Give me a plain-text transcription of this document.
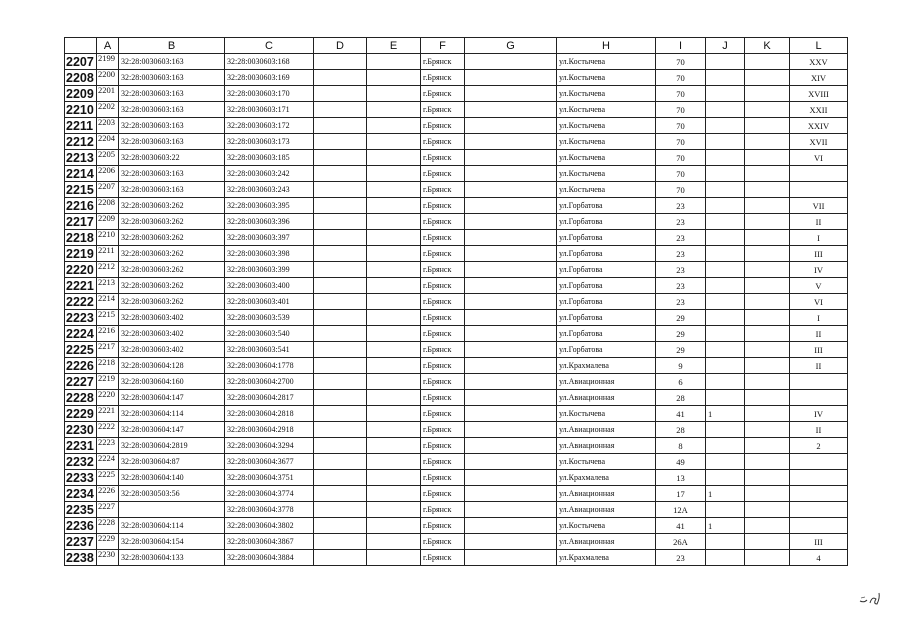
	A	B	C	D	E	F	G	H	I	J	K	L
2207	2199	32:28:0030603:163	32:28:0030603:168			г.Брянск		ул.Костычева	70			XXV
2208	2200	32:28:0030603:163	32:28:0030603:169			г.Брянск		ул.Костычева	70			XIV
2209	2201	32:28:0030603:163	32:28:0030603:170			г.Брянск		ул.Костычева	70			XVIII
2210	2202	32:28:0030603:163	32:28:0030603:171			г.Брянск		ул.Костычева	70			XXII
2211	2203	32:28:0030603:163	32:28:0030603:172			г.Брянск		ул.Костычева	70			XXIV
2212	2204	32:28:0030603:163	32:28:0030603:173			г.Брянск		ул.Костычева	70			XVII
2213	2205	32:28:0030603:22	32:28:0030603:185			г.Брянск		ул.Костычева	70			VI
2214	2206	32:28:0030603:163	32:28:0030603:242			г.Брянск		ул.Костычева	70			
2215	2207	32:28:0030603:163	32:28:0030603:243			г.Брянск		ул.Костычева	70			
2216	2208	32:28:0030603:262	32:28:0030603:395			г.Брянск		ул.Горбатова	23			VII
2217	2209	32:28:0030603:262	32:28:0030603:396			г.Брянск		ул.Горбатова	23			II
2218	2210	32:28:0030603:262	32:28:0030603:397			г.Брянск		ул.Горбатова	23			I
2219	2211	32:28:0030603:262	32:28:0030603:398			г.Брянск		ул.Горбатова	23			III
2220	2212	32:28:0030603:262	32:28:0030603:399			г.Брянск		ул.Горбатова	23			IV
2221	2213	32:28:0030603:262	32:28:0030603:400			г.Брянск		ул.Горбатова	23			V
2222	2214	32:28:0030603:262	32:28:0030603:401			г.Брянск		ул.Горбатова	23			VI
2223	2215	32:28:0030603:402	32:28:0030603:539			г.Брянск		ул.Горбатова	29			I
2224	2216	32:28:0030603:402	32:28:0030603:540			г.Брянск		ул.Горбатова	29			II
2225	2217	32:28:0030603:402	32:28:0030603:541			г.Брянск		ул.Горбатова	29			III
2226	2218	32:28:0030604:128	32:28:0030604:1778			г.Брянск		ул.Крахмалева	9			II
2227	2219	32:28:0030604:160	32:28:0030604:2700			г.Брянск		ул.Авиационная	6			
2228	2220	32:28:0030604:147	32:28:0030604:2817			г.Брянск		ул.Авиационная	28			
2229	2221	32:28:0030604:114	32:28:0030604:2818			г.Брянск		ул.Костычева	41	1		IV
2230	2222	32:28:0030604:147	32:28:0030604:2918			г.Брянск		ул.Авиационная	28			II
2231	2223	32:28:0030604:2819	32:28:0030604:3294			г.Брянск		ул.Авиационная	8			2
2232	2224	32:28:0030604:87	32:28:0030604:3677			г.Брянск		ул.Костычева	49			
2233	2225	32:28:0030604:140	32:28:0030604:3751			г.Брянск		ул.Крахмалева	13			
2234	2226	32:28:0030503:56	32:28:0030604:3774			г.Брянск		ул.Авиационная	17	1		
2235	2227		32:28:0030604:3778			г.Брянск		ул.Авиационная	12А			
2236	2228	32:28:0030604:114	32:28:0030604:3802			г.Брянск		ул.Костычева	41	1		
2237	2229	32:28:0030604:154	32:28:0030604:3867			г.Брянск		ул.Авиационная	26А			III
2238	2230	32:28:0030604:133	32:28:0030604:3884			г.Брянск		ул.Крахмалева	23			4
